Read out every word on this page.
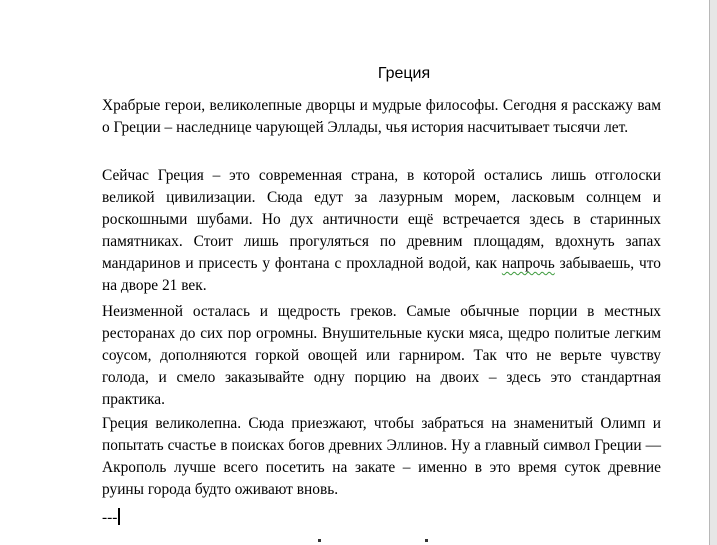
Греция

Храбрые герои, великолепные дворцы и мудрые философы. Сегодня я расскажу вам о Греции – наследнице чарующей Эллады, чья история насчитывает тысячи лет.

Сейчас Греция – это современная страна, в которой остались лишь отголоски великой цивилизации. Сюда едут за лазурным морем, ласковым солнцем и роскошными шубами. Но дух античности ещё встречается здесь в старинных памятниках. Стоит лишь прогуляться по древним площадям, вдохнуть запах мандаринов и присесть у фонтана с прохладной водой, как напрочь забываешь, что на дворе 21 век.

Неизменной осталась и щедрость греков. Самые обычные порции в местных ресторанах до сих пор огромны. Внушительные куски мяса, щедро политые легким соусом, дополняются горкой овощей или гарниром. Так что не верьте чувству голода, и смело заказывайте одну порцию на двоих – здесь это стандартная практика.

Греция великолепна. Сюда приезжают, чтобы забраться на знаменитый Олимп и попытать счастье в поисках богов древних Эллинов. Ну а главный символ Греции — Акрополь лучше всего посетить на закате – именно в это время суток древние руины города будто оживают вновь.

---
